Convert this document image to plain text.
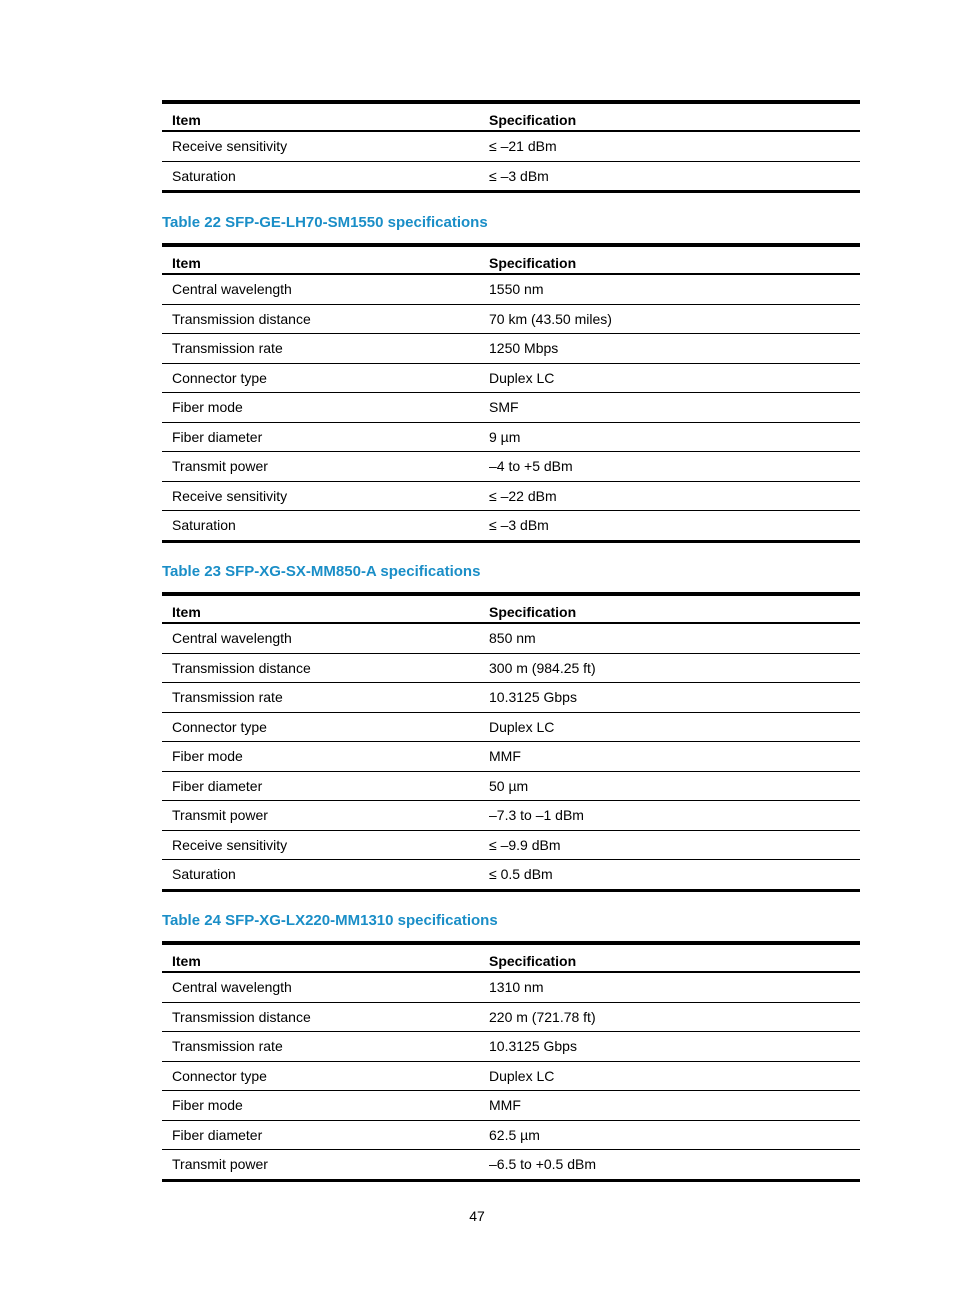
Item	Specification
Receive sensitivity	≤ –21 dBm
Saturation	≤ –3 dBm
Table 22 SFP-GE-LH70-SM1550 specifications
Item	Specification
Central wavelength	1550 nm
Transmission distance	70 km (43.50 miles)
Transmission rate	1250 Mbps
Connector type	Duplex LC
Fiber mode	SMF
Fiber diameter	9 µm
Transmit power	–4 to +5 dBm
Receive sensitivity	≤ –22 dBm
Saturation	≤ –3 dBm
Table 23 SFP-XG-SX-MM850-A specifications
Item	Specification
Central wavelength	850 nm
Transmission distance	300 m (984.25 ft)
Transmission rate	10.3125 Gbps
Connector type	Duplex LC
Fiber mode	MMF
Fiber diameter	50 µm
Transmit power	–7.3 to –1 dBm
Receive sensitivity	≤ –9.9 dBm
Saturation	≤ 0.5 dBm
Table 24 SFP-XG-LX220-MM1310 specifications
Item	Specification
Central wavelength	1310 nm
Transmission distance	220 m (721.78 ft)
Transmission rate	10.3125 Gbps
Connector type	Duplex LC
Fiber mode	MMF
Fiber diameter	62.5 µm
Transmit power	–6.5 to +0.5 dBm
47
